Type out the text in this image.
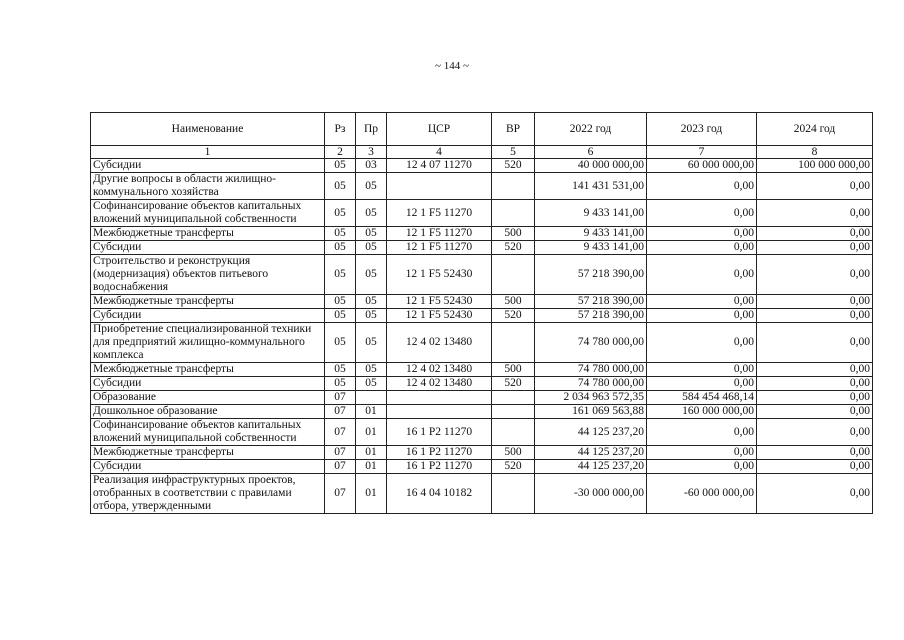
~ 144 ~
Наименование	Рз	Пр	ЦСР	ВР	2022 год	2023 год	2024 год
1	2	3	4	5	6	7	8
Субсидии	05	03	12 4 07 11270	520	40 000 000,00	60 000 000,00	100 000 000,00
Другие вопросы в области жилищно-коммунального хозяйства	05	05			141 431 531,00	0,00	0,00
Софинансирование объектов капитальных вложений муниципальной собственности	05	05	12 1 F5 11270		9 433 141,00	0,00	0,00
Межбюджетные трансферты	05	05	12 1 F5 11270	500	9 433 141,00	0,00	0,00
Субсидии	05	05	12 1 F5 11270	520	9 433 141,00	0,00	0,00
Строительство и реконструкция (модернизация) объектов питьевого водоснабжения	05	05	12 1 F5 52430		57 218 390,00	0,00	0,00
Межбюджетные трансферты	05	05	12 1 F5 52430	500	57 218 390,00	0,00	0,00
Субсидии	05	05	12 1 F5 52430	520	57 218 390,00	0,00	0,00
Приобретение специализированной техники для предприятий жилищно-коммунального комплекса	05	05	12 4 02 13480		74 780 000,00	0,00	0,00
Межбюджетные трансферты	05	05	12 4 02 13480	500	74 780 000,00	0,00	0,00
Субсидии	05	05	12 4 02 13480	520	74 780 000,00	0,00	0,00
Образование	07				2 034 963 572,35	584 454 468,14	0,00
Дошкольное образование	07	01			161 069 563,88	160 000 000,00	0,00
Софинансирование объектов капитальных вложений муниципальной собственности	07	01	16 1 P2 11270		44 125 237,20	0,00	0,00
Межбюджетные трансферты	07	01	16 1 P2 11270	500	44 125 237,20	0,00	0,00
Субсидии	07	01	16 1 P2 11270	520	44 125 237,20	0,00	0,00
Реализация инфраструктурных проектов, отобранных в соответствии с правилами отбора, утвержденными	07	01	16 4 04 10182		-30 000 000,00	-60 000 000,00	0,00
